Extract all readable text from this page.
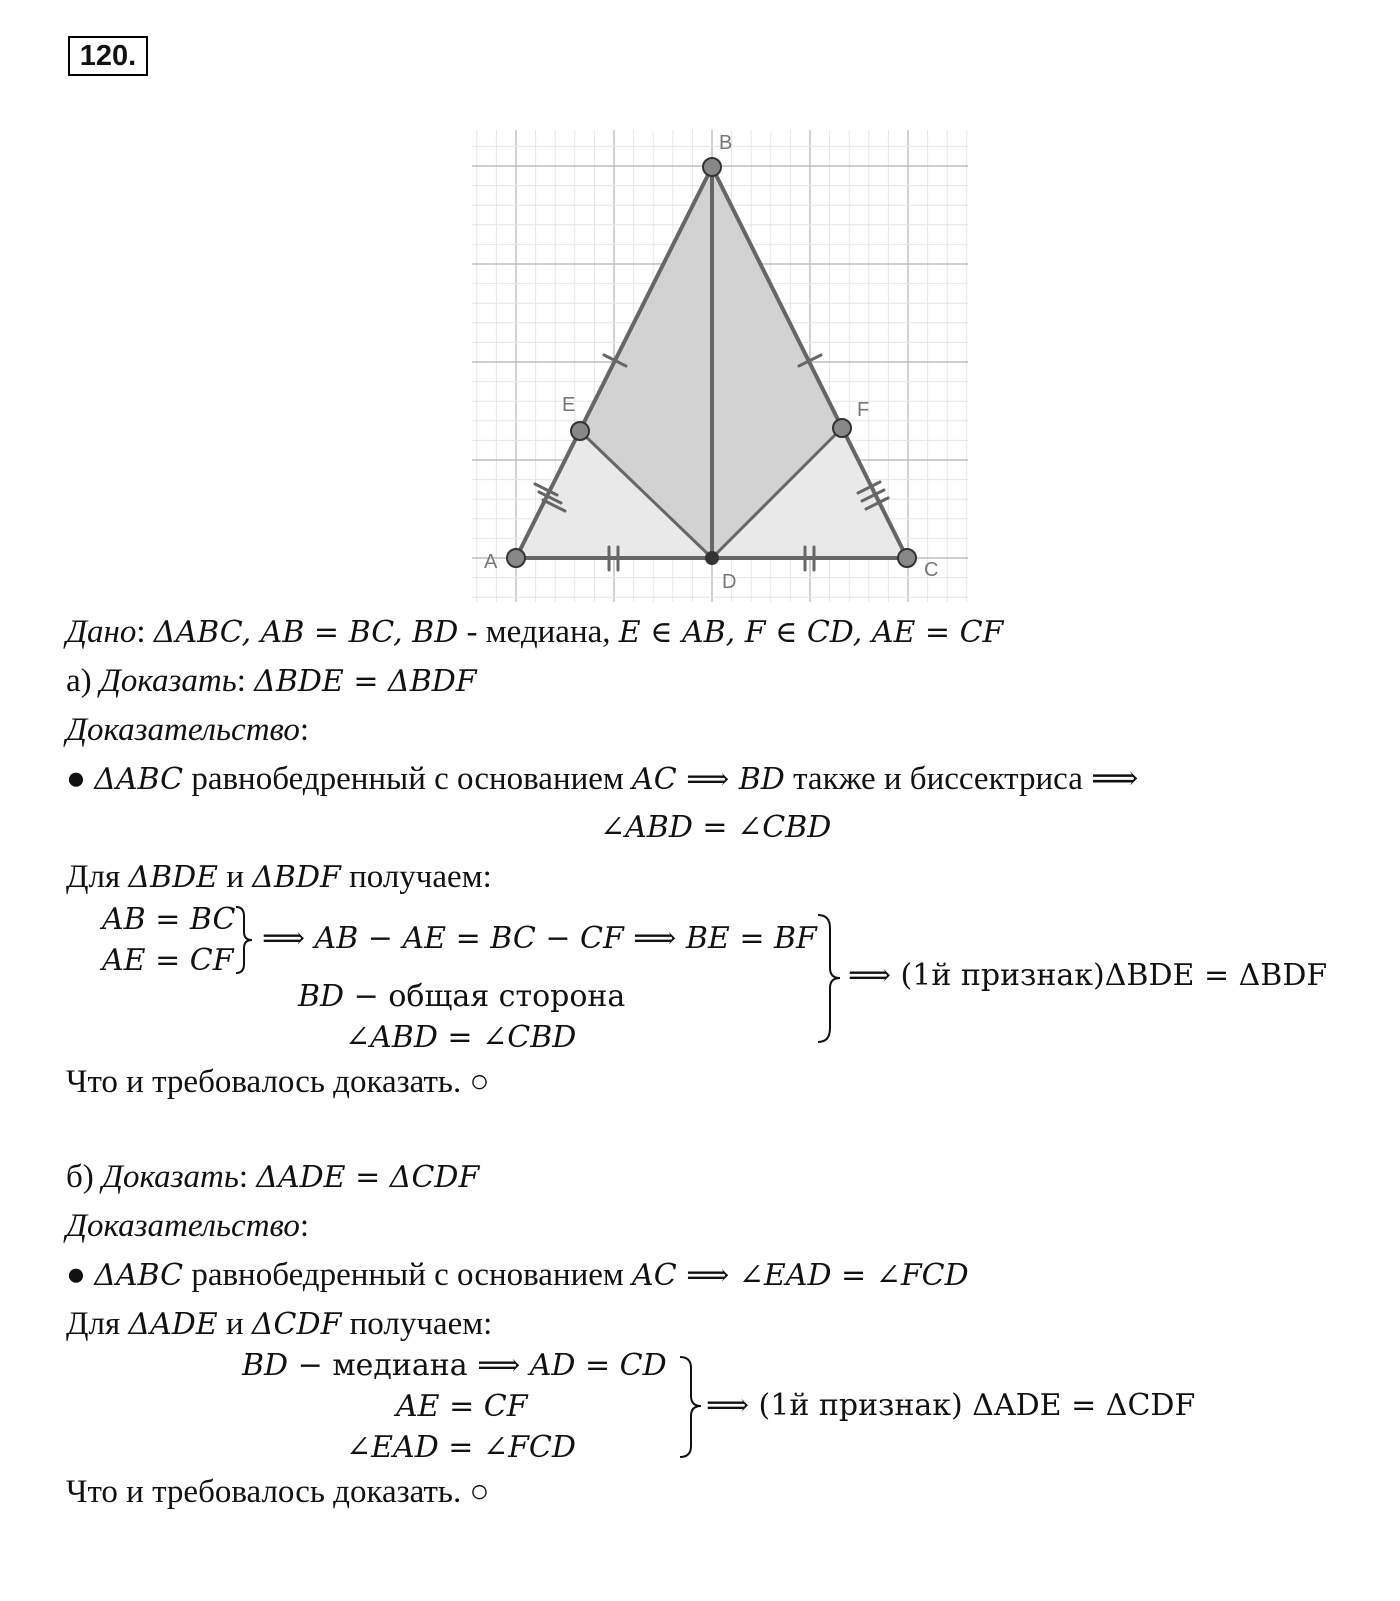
120.
A
B
C
D
E	F
Дано: ΔABC, AB = BC, BD - медиана, E ∈ AB, F ∈ CD, AE = CF
а) Доказать: ΔBDE = ΔBDF
Доказательство:
● ΔABC равнобедренный с основанием AC ⟹ BD также и биссектриса ⟹
∠ABD = ∠CBD
Для ΔBDE и ΔBDF получаем:
AB = BC
AE = CF
⟹ AB − AE = BC − CF ⟹ BE = BF
BD − общая сторона
∠ABD = ∠CBD
⟹ (1й признак)ΔBDE = ΔBDF
Что и требовалось доказать. ○
б) Доказать: ΔADE = ΔCDF
Доказательство:
● ΔABC равнобедренный с основанием AC ⟹ ∠EAD = ∠FCD
Для ΔADE и ΔCDF получаем:
BD − медиана ⟹ AD = CD
AE = CF
∠EAD = ∠FCD
⟹ (1й признак) ΔADE = ΔCDF
Что и требовалось доказать. ○
